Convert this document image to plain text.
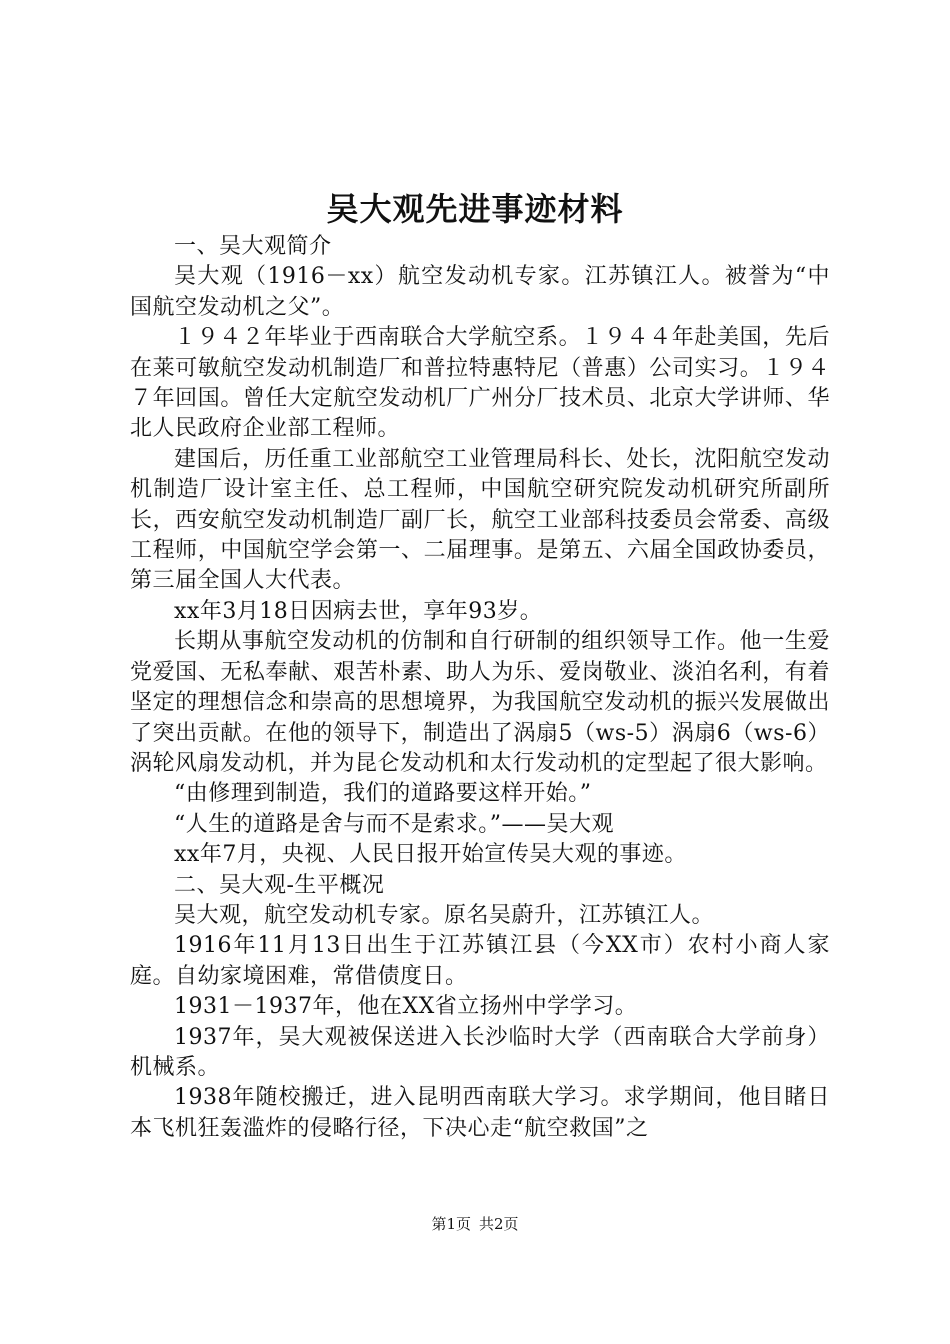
吴大观先进事迹材料

一、吴大观简介

吴大观（1916－xx）航空发动机专家。江苏镇江人。被誉为“中国航空发动机之父”。

１９４２年毕业于西南联合大学航空系。１９４４年赴美国，先后在莱可敏航空发动机制造厂和普拉特惠特尼（普惠）公司实习。１９４７年回国。曾任大定航空发动机厂广州分厂技术员、北京大学讲师、华北人民政府企业部工程师。

建国后，历任重工业部航空工业管理局科长、处长，沈阳航空发动机制造厂设计室主任、总工程师，中国航空研究院发动机研究所副所长，西安航空发动机制造厂副厂长，航空工业部科技委员会常委、高级工程师，中国航空学会第一、二届理事。是第五、六届全国政协委员，第三届全国人大代表。

xx年3月18日因病去世，享年93岁。

长期从事航空发动机的仿制和自行研制的组织领导工作。他一生爱党爱国、无私奉献、艰苦朴素、助人为乐、爱岗敬业、淡泊名利，有着坚定的理想信念和崇高的思想境界，为我国航空发动机的振兴发展做出了突出贡献。在他的领导下，制造出了涡扇5（ws-5）涡扇6（ws-6）涡轮风扇发动机，并为昆仑发动机和太行发动机的定型起了很大影响。

“由修理到制造，我们的道路要这样开始。”

“人生的道路是舍与而不是索求。”——吴大观

xx年7月，央视、人民日报开始宣传吴大观的事迹。

二、吴大观-生平概况

吴大观，航空发动机专家。原名吴蔚升，江苏镇江人。

1916年11月13日出生于江苏镇江县（今XX市）农村小商人家庭。自幼家境困难，常借债度日。

1931－1937年，他在XX省立扬州中学学习。

1937年，吴大观被保送进入长沙临时大学（西南联合大学前身）机械系。

1938年随校搬迁，进入昆明西南联大学习。求学期间，他目睹日本飞机狂轰滥炸的侵略行径，下决心走“航空救国”之

第1页 共2页
